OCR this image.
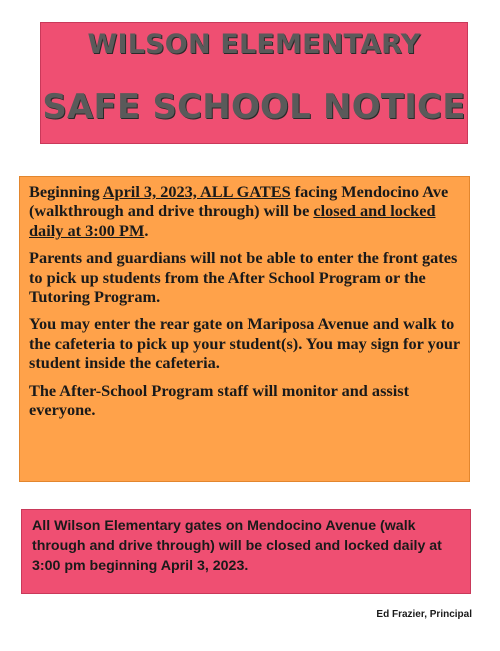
WILSON ELEMENTARY
SAFE SCHOOL NOTICE

Beginning April 3, 2023, ALL GATES facing Mendocino Ave (walkthrough and drive through) will be closed and locked daily at 3:00 PM.

Parents and guardians will not be able to enter the front gates to pick up students from the After School Program or the Tutoring Program.

You may enter the rear gate on Mariposa Avenue and walk to the cafeteria to pick up your student(s). You may sign for your student inside the cafeteria.

The After-School Program staff will monitor and assist everyone.

All Wilson Elementary gates on Mendocino Avenue (walk through and drive through) will be closed and locked daily at 3:00 pm beginning April 3, 2023.
Ed Frazier, Principal
